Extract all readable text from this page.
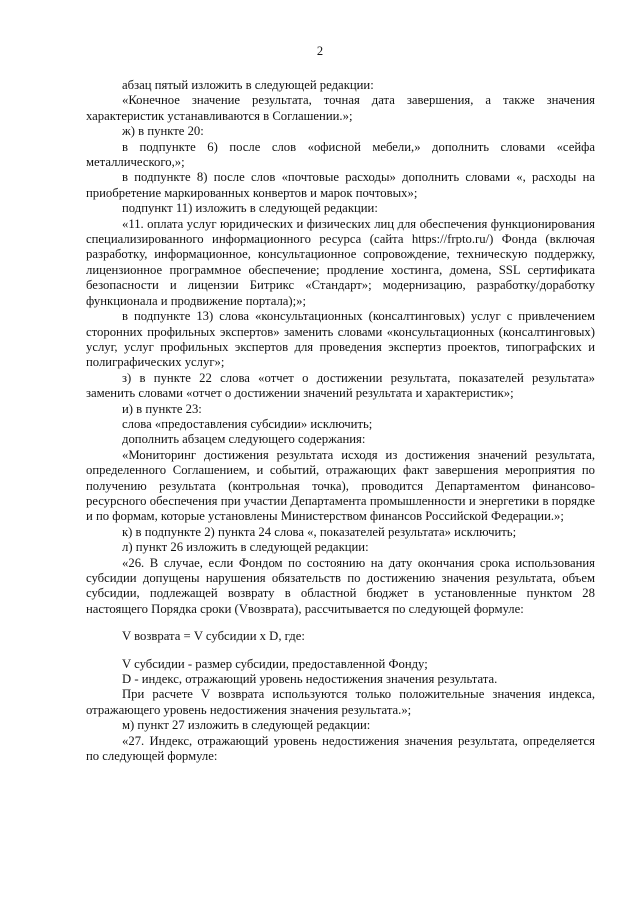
2

абзац пятый изложить в следующей редакции:

«Конечное значение результата, точная дата завершения, а также значения характеристик устанавливаются в Соглашении.»;

ж) в пункте 20:

в подпункте 6) после слов «офисной мебели,» дополнить словами «сейфа металлического,»;

в подпункте 8) после слов «почтовые расходы» дополнить словами «, расходы на приобретение маркированных конвертов и марок почтовых»;

подпункт 11) изложить в следующей редакции:

«11. оплата услуг юридических и физических лиц для обеспечения функционирования специализированного информационного ресурса (сайта https://frpto.ru/) Фонда (включая разработку, информационное, консультационное сопровождение, техническую поддержку, лицензионное программное обеспечение; продление хостинга, домена, SSL сертификата безопасности и лицензии Битрикс «Стандарт»; модернизацию, разработку/доработку функционала и продвижение портала);»;

в подпункте 13) слова «консультационных (консалтинговых) услуг с привлечением сторонних профильных экспертов» заменить словами «консультационных (консалтинговых) услуг, услуг профильных экспертов для проведения экспертиз проектов, типографских и полиграфических услуг»;

з) в пункте 22 слова «отчет о достижении результата, показателей результата» заменить словами «отчет о достижении значений результата и характеристик»;

и) в пункте 23:

слова «предоставления субсидии» исключить;

дополнить абзацем следующего содержания:

«Мониторинг достижения результата исходя из достижения значений результата, определенного Соглашением, и событий, отражающих факт завершения мероприятия по получению результата (контрольная точка), проводится Департаментом финансово-ресурсного обеспечения при участии Департамента промышленности и энергетики в порядке и по формам, которые установлены Министерством финансов Российской Федерации.»;

к) в подпункте 2) пункта 24 слова «, показателей результата» исключить;

л) пункт 26 изложить в следующей редакции:

«26. В случае, если Фондом по состоянию на дату окончания срока использования субсидии допущены нарушения обязательств по достижению значения результата, объем субсидии, подлежащей возврату в областной бюджет в установленные пунктом 28 настоящего Порядка сроки (Vвозврата), рассчитывается по следующей формуле:

V возврата = V субсидии x D, где:

V субсидии - размер субсидии, предоставленной Фонду;

D - индекс, отражающий уровень недостижения значения результата.

При расчете V возврата используются только положительные значения индекса, отражающего уровень недостижения значения результата.»;

м) пункт 27 изложить в следующей редакции:

«27. Индекс, отражающий уровень недостижения значения результата, определяется по следующей формуле:
